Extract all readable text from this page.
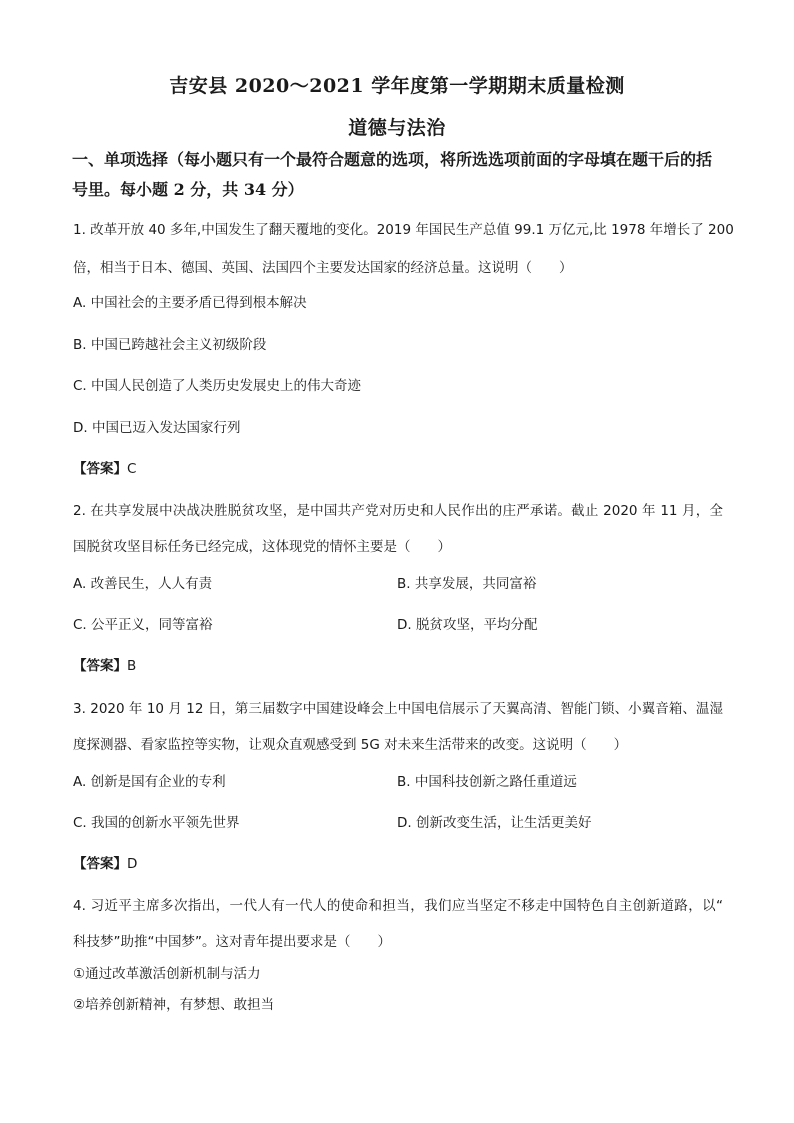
吉安县 2020～2021 学年度第一学期期末质量检测
道德与法治
一、单项选择（每小题只有一个最符合题意的选项，将所选选项前面的字母填在题干后的括
号里。每小题 2 分，共 34 分）
1. 改革开放 40 多年,中国发生了翻天覆地的变化。2019 年国民生产总值 99.1 万亿元,比 1978 年增长了 200
倍，相当于日本、德国、英国、法国四个主要发达国家的经济总量。这说明（　　）
A. 中国社会的主要矛盾已得到根本解决
B. 中国已跨越社会主义初级阶段
C. 中国人民创造了人类历史发展史上的伟大奇迹
D. 中国已迈入发达国家行列
【答案】C
2. 在共享发展中决战决胜脱贫攻坚，是中国共产党对历史和人民作出的庄严承诺。截止 2020 年 11 月，全
国脱贫攻坚目标任务已经完成，这体现党的情怀主要是（　　）
A. 改善民生，人人有责	B. 共享发展，共同富裕
C. 公平正义，同等富裕	D. 脱贫攻坚，平均分配
【答案】B
3. 2020 年 10 月 12 日，第三届数字中国建设峰会上中国电信展示了天翼高清、智能门锁、小翼音箱、温湿
度探测器、看家监控等实物，让观众直观感受到 5G 对未来生活带来的改变。这说明（　　）
A. 创新是国有企业的专利	B. 中国科技创新之路任重道远
C. 我国的创新水平领先世界	D. 创新改变生活，让生活更美好
【答案】D
4. 习近平主席多次指出，一代人有一代人的使命和担当，我们应当坚定不移走中国特色自主创新道路，以“
科技梦”助推“中国梦”。这对青年提出要求是（　　）
①通过改革激活创新机制与活力
②培养创新精神，有梦想、敢担当
